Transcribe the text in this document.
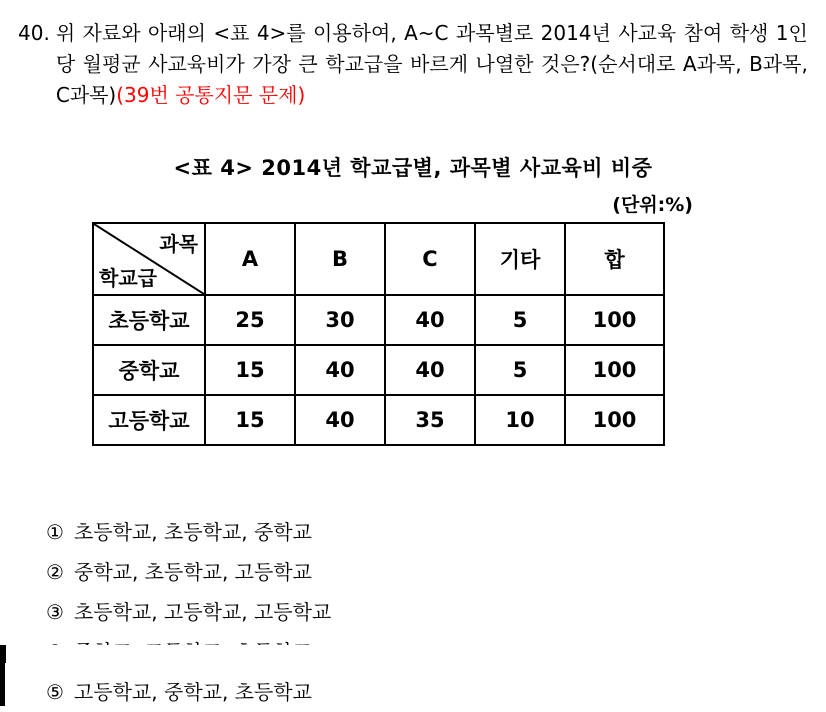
40. 위 자료와 아래의 <표 4>를 이용하여, A~C 과목별로 2014년 사교육 참여 학생 1인당 월평균 사교육비가 가장 큰 학교급을 바르게 나열한 것은?(순서대로 A과목, B과목, C과목)(39번 공통지문 문제)
<표 4> 2014년 학교급별, 과목별 사교육비 비중
(단위:%)
과목
학교급	A	B	C	기타	합
초등학교	25	30	40	5	100
중학교	15	40	40	5	100
고등학교	15	40	35	10	100
① 초등학교, 초등학교, 중학교
② 중학교, 초등학교, 고등학교
③ 초등학교, 고등학교, 고등학교
⑤ 고등학교, 중학교, 초등학교
